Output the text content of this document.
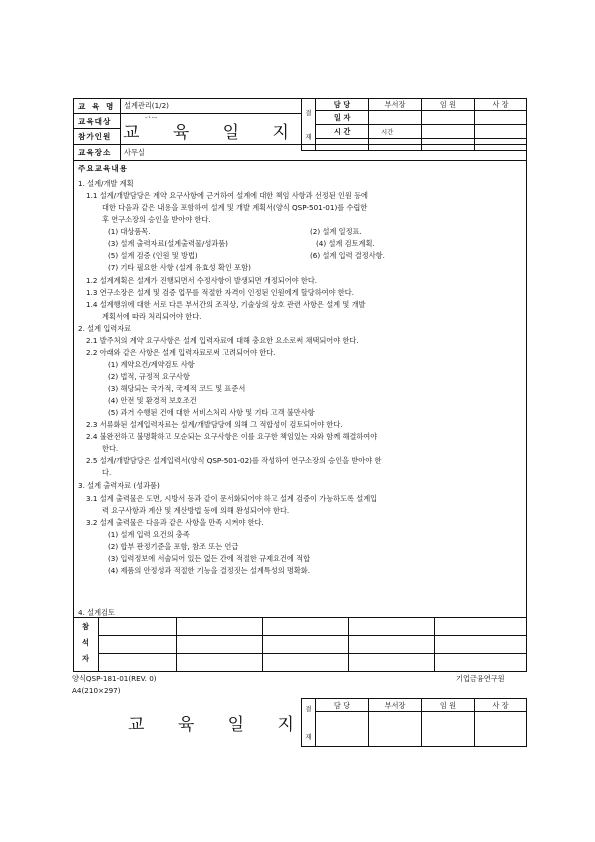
교 육 명 설계관리(1/2)
교육대상
참가인원 교 육 일 지
교육장소 사무실
주요교육내용
결
재	담 당	부서장	임 원	사 장
	일 자			
	시 간	시간		

1. 설계/개발 계획
1.1 설계/개발담당은 계약 요구사항에 근거하여 설계에 대한 책임 사항과 선정된 인원 등에
대한 다음과 같은 내용을 포함하여 설계 및 개발 계획서(양식 QSP-501-01)를 수립한
후 연구소장의 승인을 받아야 한다.
(1) 대상품목.	(2) 설계 일정표.
(3) 설계 출력자료(설계출력물/성과품)	(4) 설계 검토계획.
(5) 설계 검증 (인원 및 방법)	(6) 설계 입력 결정사항.
(7) 기타 필요한 사항 (설계 유효성 확인 포함)
1.2 설계계획은 설계가 진행되면서 수정사항이 발생되면 개정되어야 한다.
1.3 연구소장은 설계 및 검증 업무를 적절한 자격이 인정된 인원에게 할당하여야 한다.
1.4 설계행위에 대한 서로 다른 부서간의 조직상, 기술상의 상호 관련 사항은 설계 및 개발
계획서에 따라 처리되어야 한다.
2. 설계 입력자료
2.1 발주처의 계약 요구사항은 설계 입력자료에 대해 충요한 요소로써 채택되어야 한다.
2.2 아래와 같은 사항은 설계 입력자료로써 고려되어야 한다.
(1) 계약요건/계약검토 사항
(2) 법적, 규정적 요구사항
(3) 해당되는 국가적, 국제적 코드 및 표준서
(4) 안전 및 환경적 보호조건
(5) 과거 수행된 건에 대한 서비스처리 사항 및 기타 고객 불만사항
2.3 서류화된 설계입력자료는 설계/개발담당에 의해 그 적합성이 검토되어야 한다.
2.4 불완전하고 불명확하고 모순되는 요구사항은 이를 요구한 책임있는 자와 함께 해결하여야
한다.
2.5 설계/개발담당은 설계입력서(양식 QSP-501-02)를 작성하여 연구소장의 승인을 받아야 한
다.
3. 설계 출력자료 (성과품)
3.1 설계 출력물은 도면, 시방서 등과 같이 문서화되어야 하고 설계 검증이 가능하도록 설계입
력 요구사항과 계산 및 계산방법 등에 의해 완성되어야 한다.
3.2 설계 출력물은 다음과 같은 사항을 만족 시켜야 한다.
(1) 설계 입력 요건의 충족
(2) 합부 판정기준을 포함, 참조 또는 언급
(3) 입력정보에 서술되어 있든 없든 간에 적절한 규제요건에 적합
(4) 제품의 안정성과 적절한 기능을 결정짓는 설계특성의 명확화.
4. 설계검토
참
석
자
양식QSP-181-01(REV. 0)
A4(210×297)
기업금융연구원
교 육 일 지
결
재	담 당	부서장	임 원	사 장
